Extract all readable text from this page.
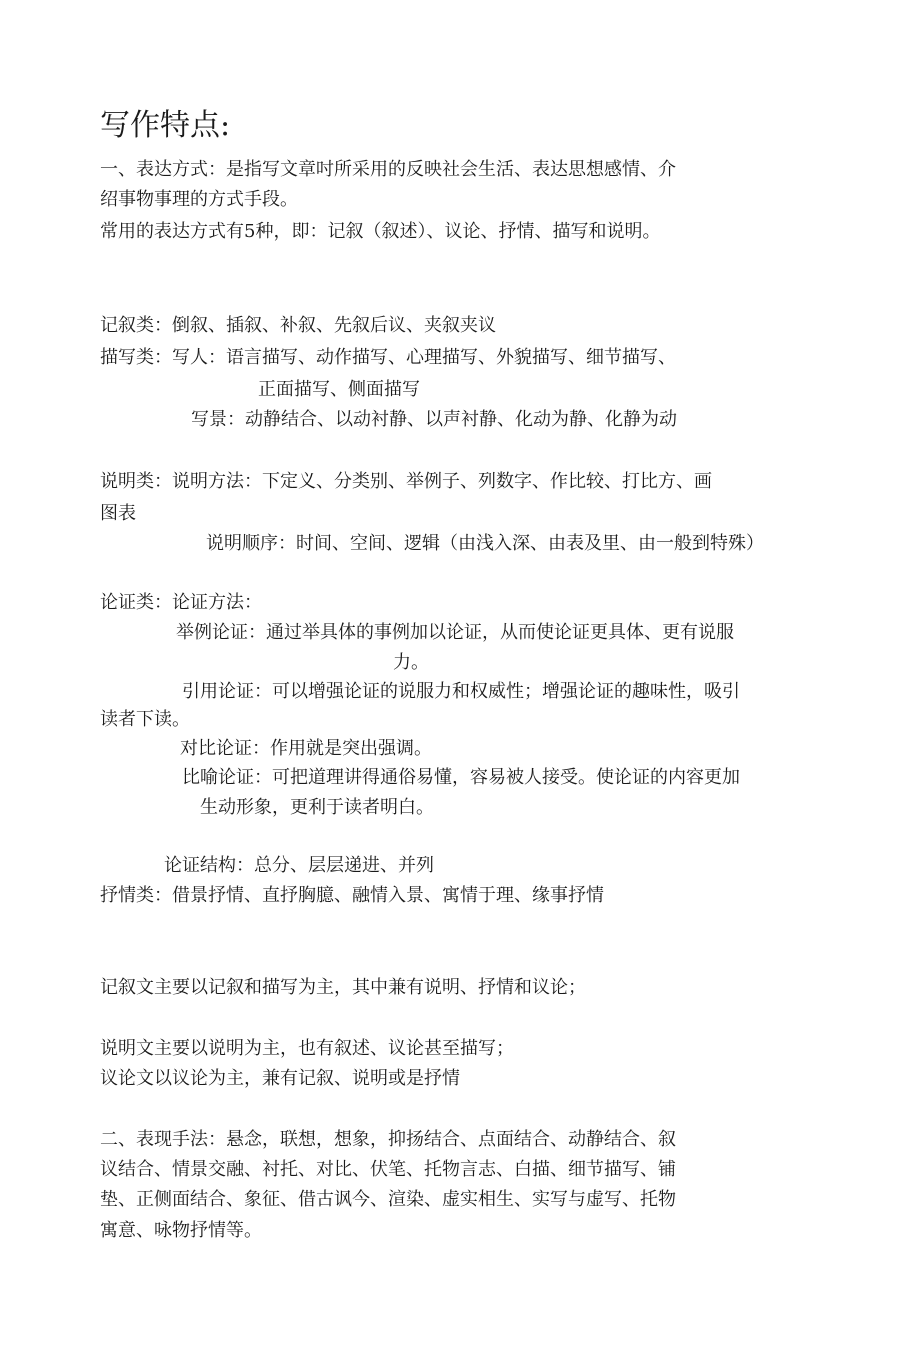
写作特点:
一、表达方式：是指写文章吋所采用的反映社会生活、表达思想感情、介
绍事物事理的方式手段。
常用的表达方式有5种，即：记叙（叙述）、议论、抒情、描写和说明。
记叙类：倒叙、插叙、补叙、先叙后议、夹叙夹议
描写类：写人：语言描写、动作描写、心理描写、外貌描写、细节描写、
正面描写、侧面描写
写景：动静结合、以动衬静、以声衬静、化动为静、化静为动
说明类：说明方法：下定义、分类别、举例子、列数字、作比较、打比方、画
图表
说明顺序：时间、空间、逻辑（由浅入深、由表及里、由一般到特殊）
论证类：论证方法：
举例论证：通过举具体的事例加以论证，从而使论证更具体、更有说服
力。
引用论证：可以增强论证的说服力和权威性；增强论证的趣味性，吸引
读者下读。
对比论证：作用就是突出强调。
比喻论证：可把道理讲得通俗易懂，容易被人接受。使论证的内容更加
生动形象，更利于读者明白。
论证结构：总分、层层递进、并列
抒情类：借景抒情、直抒胸臆、融情入景、寓情于理、缘事抒情
记叙文主要以记叙和描写为主，其中兼有说明、抒情和议论；
说明文主要以说明为主，也有叙述、议论甚至描写；
议论文以议论为主，兼有记叙、说明或是抒情
二、表现手法：悬念，联想，想象，抑扬结合、点面结合、动静结合、叙
议结合、情景交融、衬托、对比、伏笔、托物言志、白描、细节描写、铺
垫、正侧面结合、象征、借古讽今、渲染、虚实相生、实写与虚写、托物
寓意、咏物抒情等。
